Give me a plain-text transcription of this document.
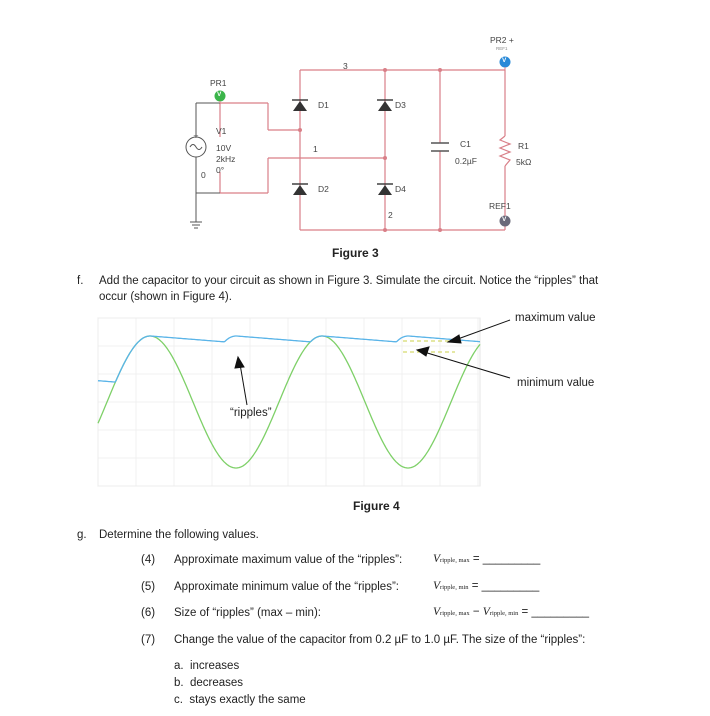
+
V
V
V
PR2 +
REF1
PR1
3
1
2
0
D1	D3
D2	D4
V1
10V
2kHz
0°
C1
0.2µF
R1
5kΩ
REF1
Figure 3
f. Add the capacitor to your circuit as shown in Figure 3. Simulate the circuit. Notice the “ripples” that
occur (shown in Figure 4).
maximum value
minimum value
“ripples”
Figure 4
g. Determine the following values.
(4) Approximate maximum value of the “ripples”:	Vripple, max = _________
(5) Approximate minimum value of the “ripples”:	Vripple, min = _________
(6) Size of “ripples” (max – min):	Vripple, max − Vripple, min = _________
(7) Change the value of the capacitor from 0.2 µF to 1.0 µF. The size of the “ripples”:
a. increases
b. decreases
c. stays exactly the same
